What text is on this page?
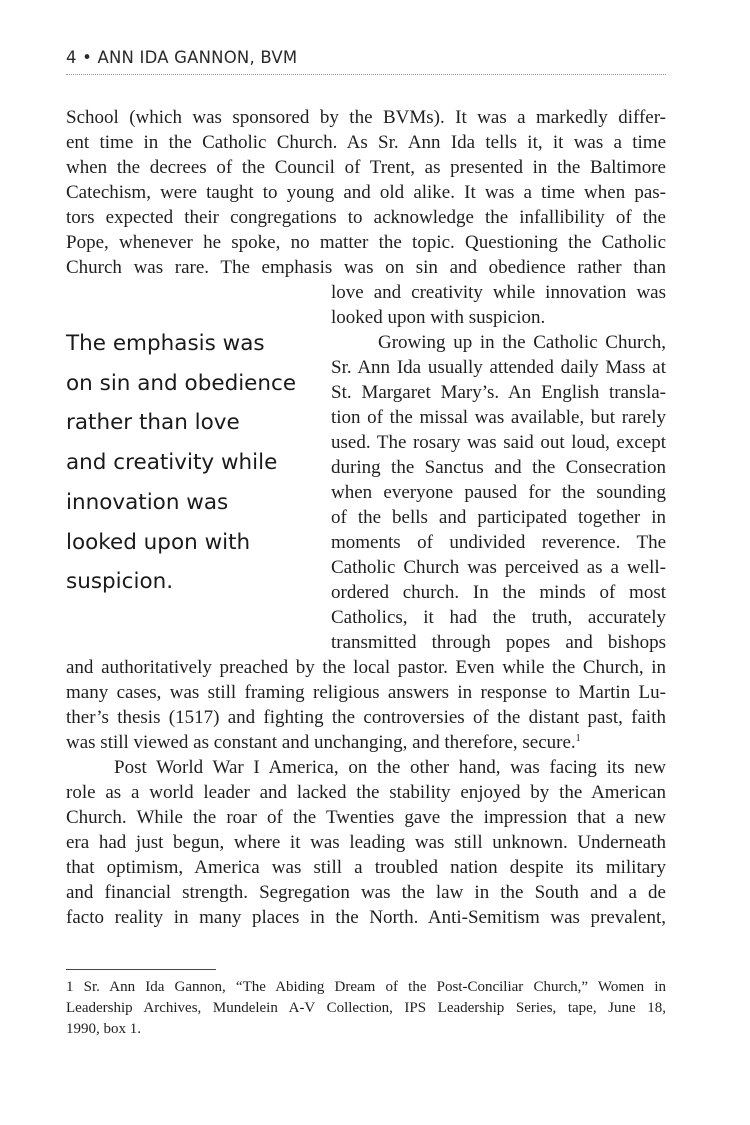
4 • ANN IDA GANNON, BVM
School (which was sponsored by the BVMs). It was a markedly differ-
ent time in the Catholic Church. As Sr. Ann Ida tells it, it was a time
when the decrees of the Council of Trent, as presented in the Baltimore
Catechism, were taught to young and old alike. It was a time when pas-
tors expected their congregations to acknowledge the infallibility of the
Pope, whenever he spoke, no matter the topic. Questioning the Catholic
Church was rare. The emphasis was on sin and obedience rather than
love and creativity while innovation was
looked upon with suspicion.
Growing up in the Catholic Church,
Sr. Ann Ida usually attended daily Mass at
St. Margaret Mary’s. An English transla-
tion of the missal was available, but rarely
used. The rosary was said out loud, except
during the Sanctus and the Consecration
when everyone paused for the sounding
of the bells and participated together in
moments of undivided reverence. The
Catholic Church was perceived as a well-
ordered church. In the minds of most
Catholics, it had the truth, accurately
transmitted through popes and bishops
and authoritatively preached by the local pastor. Even while the Church, in
many cases, was still framing religious answers in response to Martin Lu-
ther’s thesis (1517) and fighting the controversies of the distant past, faith
was still viewed as constant and unchanging, and therefore, secure.$^1$
Post World War I America, on the other hand, was facing its new
role as a world leader and lacked the stability enjoyed by the American
Church. While the roar of the Twenties gave the impression that a new
era had just begun, where it was leading was still unknown. Underneath
that optimism, America was still a troubled nation despite its military
and financial strength. Segregation was the law in the South and a de
facto reality in many places in the North. Anti-Semitism was prevalent,
The emphasis was
on sin and obedience
rather than love
and creativity while
innovation was
looked upon with
suspicion.
1 Sr. Ann Ida Gannon, “The Abiding Dream of the Post-Conciliar Church,” Women in
Leadership Archives, Mundelein A-V Collection, IPS Leadership Series, tape, June 18,
1990, box 1.
